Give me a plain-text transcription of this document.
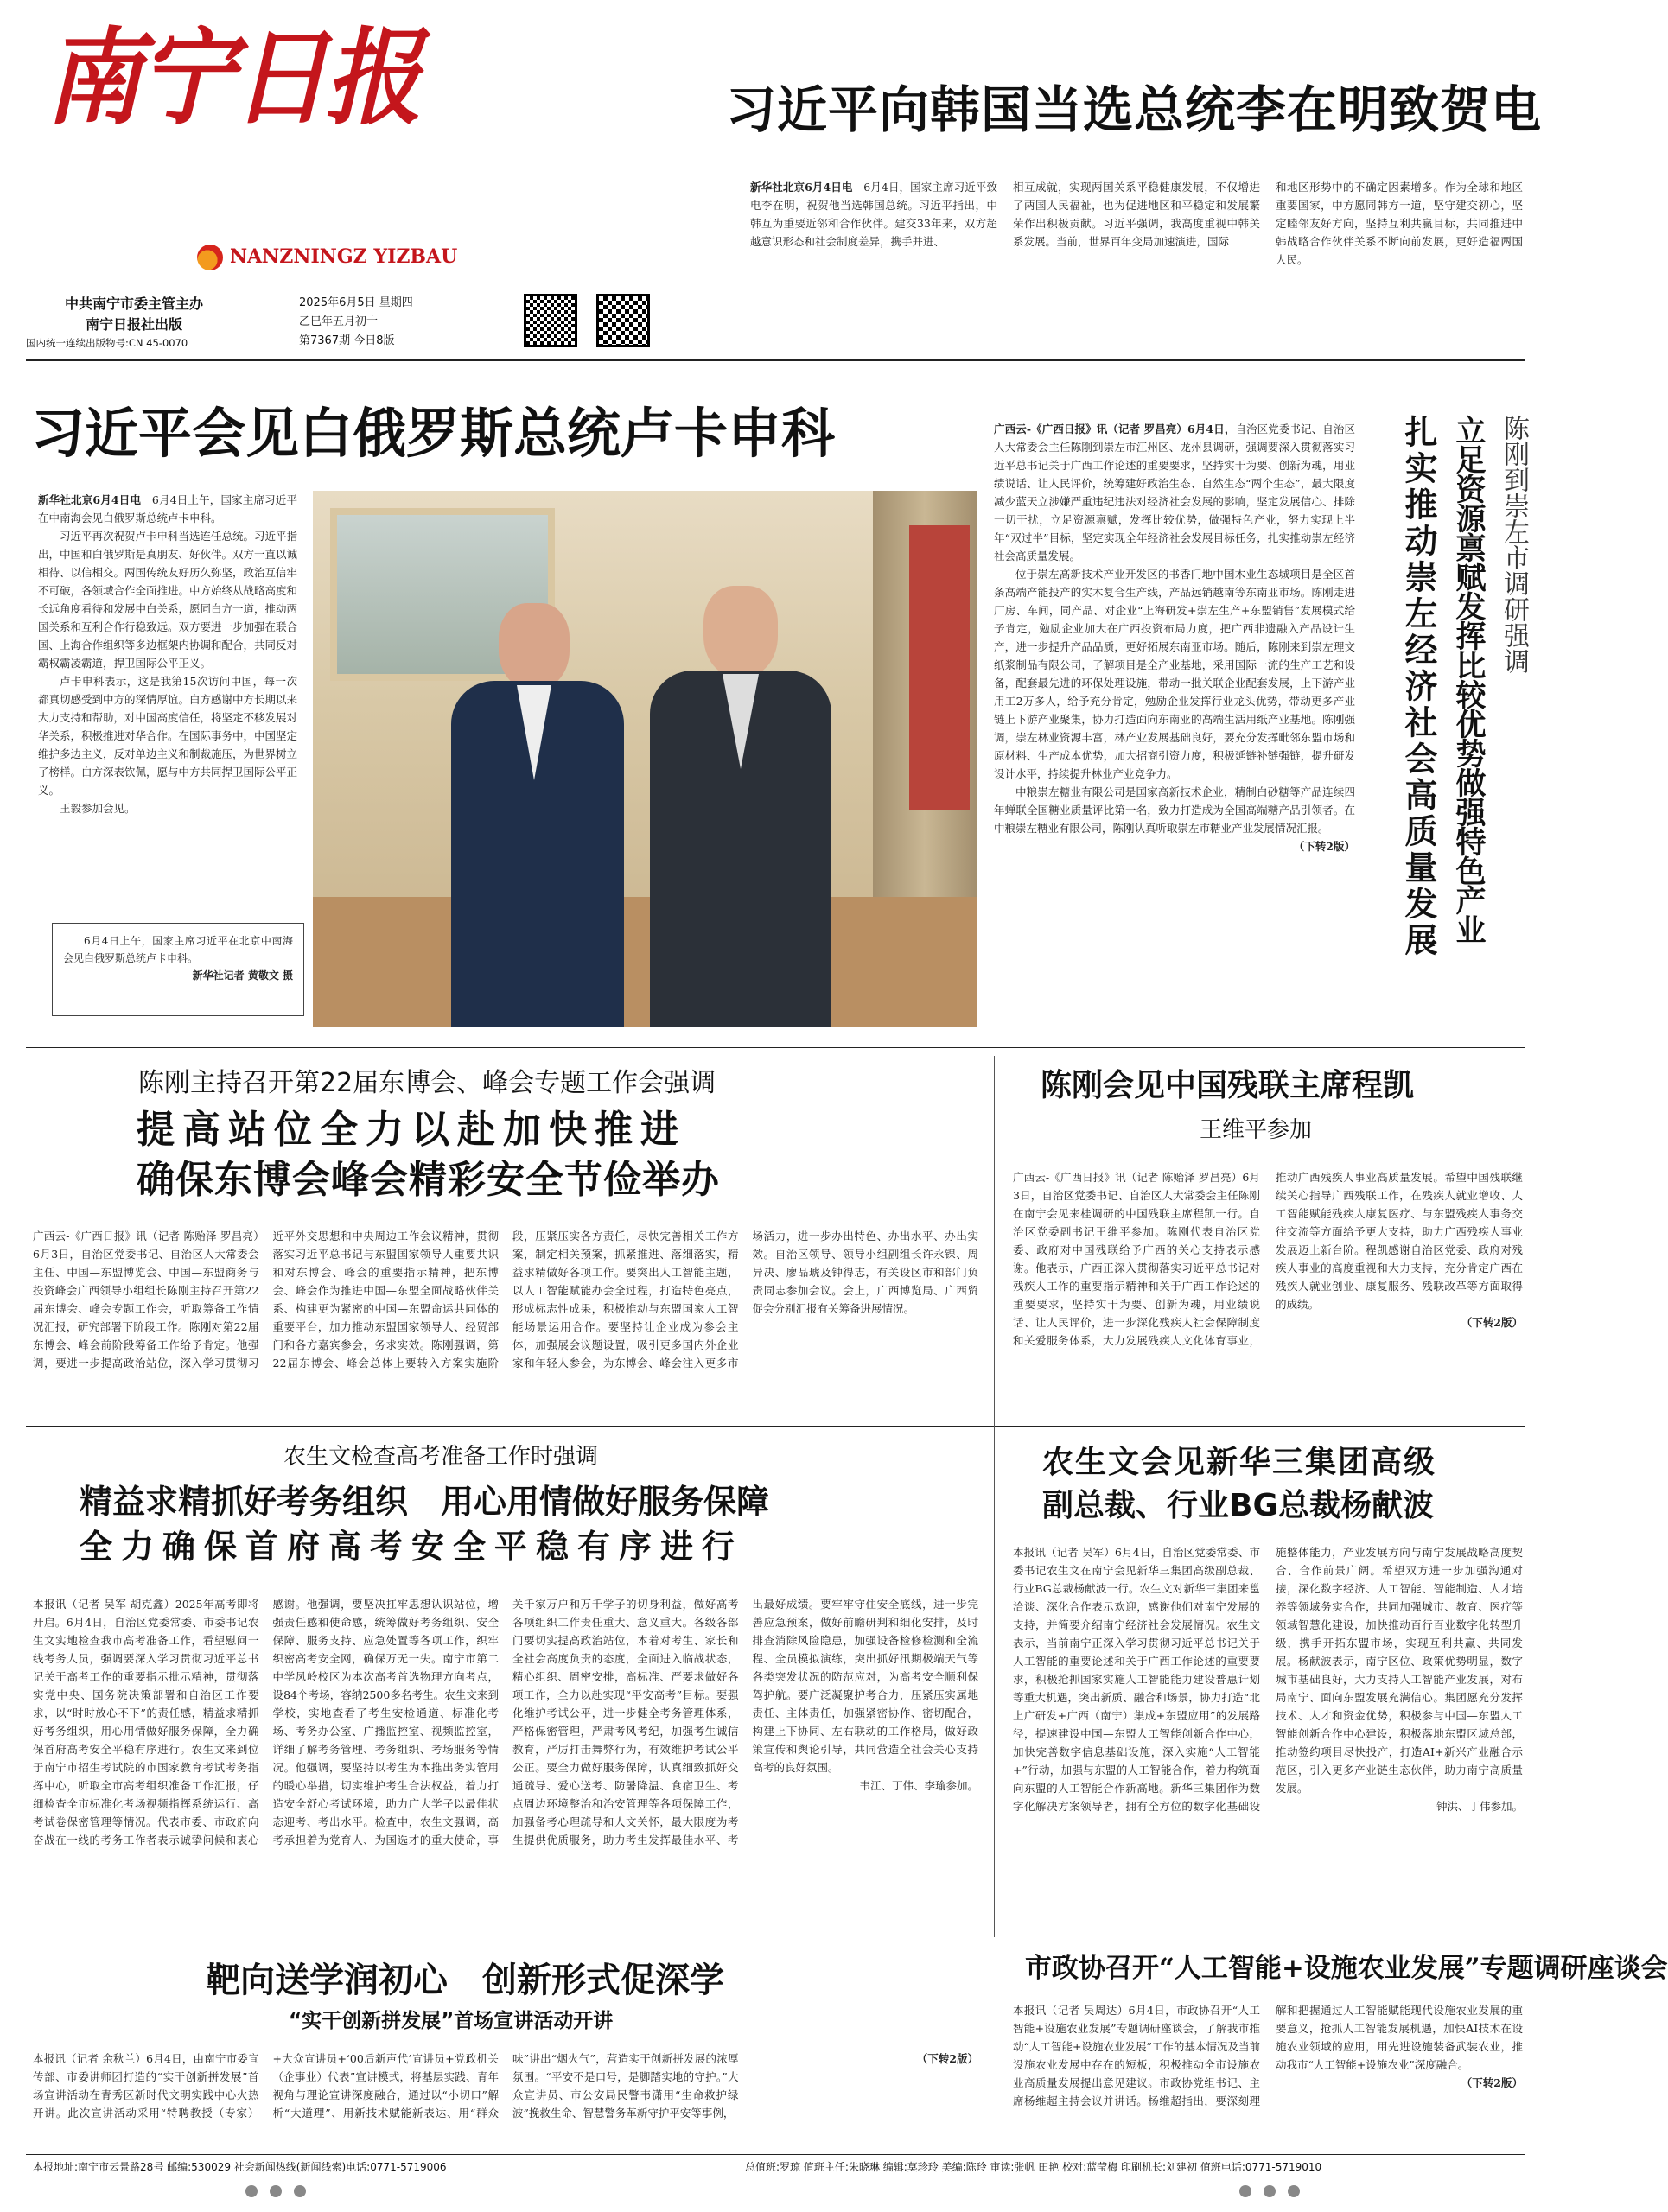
南宁日报
NANZNINGZ YIZBAU
中共南宁市委主管主办
南宁日报社出版
国内统一连续出版物号:CN 45-0070
2025年6月5日 星期四
乙巳年五月初十
第7367期 今日8版
习近平向韩国当选总统李在明致贺电

新华社北京6月4日电　 6月4日，国家主席习近平致电李在明，祝贺他当选韩国总统。习近平指出，中韩互为重要近邻和合作伙伴。建交33年来，双方超越意识形态和社会制度差异，携手并进、

相互成就，实现两国关系平稳健康发展，不仅增进了两国人民福祉，也为促进地区和平稳定和发展繁荣作出积极贡献。习近平强调，我高度重视中韩关系发展。当前，世界百年变局加速演进，国际

和地区形势中的不确定因素增多。作为全球和地区重要国家，中方愿同韩方一道，坚守建交初心，坚定睦邻友好方向，坚持互利共赢目标，共同推进中韩战略合作伙伴关系不断向前发展，更好造福两国人民。

习近平会见白俄罗斯总统卢卡申科

新华社北京6月4日电　 6月4日上午，国家主席习近平在中南海会见白俄罗斯总统卢卡申科。

习近平再次祝贺卢卡申科当选连任总统。习近平指出，中国和白俄罗斯是真朋友、好伙伴。双方一直以诚相待、以信相交。两国传统友好历久弥坚，政治互信牢不可破，各领域合作全面推进。中方始终从战略高度和长远角度看待和发展中白关系，愿同白方一道，推动两国关系和互利合作行稳致远。双方要进一步加强在联合国、上海合作组织等多边框架内协调和配合，共同反对霸权霸凌霸道，捍卫国际公平正义。

卢卡申科表示，这是我第15次访问中国，每一次都真切感受到中方的深情厚谊。白方感谢中方长期以来大力支持和帮助，对中国高度信任，将坚定不移发展对华关系，积极推进对华合作。在国际事务中，中国坚定维护多边主义，反对单边主义和制裁施压，为世界树立了榜样。白方深表钦佩，愿与中方共同捍卫国际公平正义。

王毅参加会见。

6月4日上午，国家主席习近平在北京中南海会见白俄罗斯总统卢卡申科。

新华社记者 黄敬文 摄

广西云-《广西日报》讯（记者 罗昌亮）6月4日，自治区党委书记、自治区人大常委会主任陈刚到崇左市江州区、龙州县调研，强调要深入贯彻落实习近平总书记关于广西工作论述的重要要求，坚持实干为要、创新为魂，用业绩说话、让人民评价，统筹建好政治生态、自然生态“两个生态”，最大限度减少蓝天立涉嫌严重违纪违法对经济社会发展的影响，坚定发展信心、排除一切干扰，立足资源禀赋，发挥比较优势，做强特色产业，努力实现上半年“双过半”目标，坚定实现全年经济社会发展目标任务，扎实推动崇左经济社会高质量发展。

位于崇左高新技术产业开发区的书香门地中国木业生态城项目是全区首条高端产能投产的实木复合生产线，产品远销越南等东南亚市场。陈刚走进厂房、车间，同产品、对企业“上海研发+崇左生产+东盟销售”发展模式给予肯定，勉励企业加大在广西投资布局力度，把广西非遗融入产品设计生产，进一步提升产品品质，更好拓展东南亚市场。随后，陈刚来到崇左理文纸浆制品有限公司，了解项目是全产业基地，采用国际一流的生产工艺和设备，配套最先进的环保处理设施，带动一批关联企业配套发展，上下游产业用工2万多人，给予充分肯定，勉励企业发挥行业龙头优势，带动更多产业链上下游产业聚集，协力打造面向东南亚的高端生活用纸产业基地。陈刚强调，崇左林业资源丰富，林产业发展基础良好，要充分发挥毗邻东盟市场和原材料、生产成本优势，加大招商引资力度，积极延链补链强链，提升研发设计水平，持续提升林业产业竞争力。

中粮崇左糖业有限公司是国家高新技术企业，精制白砂糖等产品连续四年蝉联全国糖业质量评比第一名，致力打造成为全国高端糖产品引领者。在中粮崇左糖业有限公司，陈刚认真听取崇左市糖业产业发展情况汇报。

（下转2版）

陈刚到崇左市调研强调
立足资源禀赋发挥比较优势做强特色产业
扎实推动崇左经济社会高质量发展
陈刚主持召开第22届东博会、峰会专题工作会强调
提高站位全力以赴加快推进
确保东博会峰会精彩安全节俭举办

广西云-《广西日报》讯（记者 陈贻泽 罗昌亮）6月3日，自治区党委书记、自治区人大常委会主任、中国—东盟博览会、中国—东盟商务与投资峰会广西领导小组组长陈刚主持召开第22届东博会、峰会专题工作会，听取筹备工作情况汇报，研究部署下阶段工作。陈刚对第22届东博会、峰会前阶段筹备工作给予肯定。他强调，要进一步提高政治站位，深入学习贯彻习近平外交思想和中央周边工作会议精神，贯彻落实习近平总书记与东盟国家领导人重要共识和对东博会、峰会的重要指示精神，把东博会、峰会作为推进中国—东盟全面战略伙伴关系、构建更为紧密的中国—东盟命运共同体的重要平台，加力推动东盟国家领导人、经贸部门和各方嘉宾参会，务求实效。陈刚强调，第22届东博会、峰会总体上要转入方案实施阶段，压紧压实各方责任，尽快完善相关工作方案，制定相关预案，抓紧推进、落细落实，精益求精做好各项工作。要突出人工智能主题，以人工智能赋能办会全过程，打造特色亮点，形成标志性成果，积极推动与东盟国家人工智能场景运用合作。要坚持让企业成为参会主体，加强展会议题设置，吸引更多国内外企业家和年轻人参会，为东博会、峰会注入更多市场活力，进一步办出特色、办出水平、办出实效。自治区领导、领导小组副组长许永锞、周异决、廖品琥及钟得志，有关设区市和部门负责同志参加会议。会上，广西博览局、广西贸促会分别汇报有关筹备进展情况。

陈刚会见中国残联主席程凯
王维平参加

广西云-《广西日报》讯（记者 陈贻泽 罗昌亮）6月3日，自治区党委书记、自治区人大常委会主任陈刚在南宁会见来桂调研的中国残联主席程凯一行。自治区党委副书记王维平参加。陈刚代表自治区党委、政府对中国残联给予广西的关心支持表示感谢。他表示，广西正深入贯彻落实习近平总书记对残疾人工作的重要指示精神和关于广西工作论述的重要要求，坚持实干为要、创新为魂，用业绩说话、让人民评价，进一步深化残疾人社会保障制度和关爱服务体系，大力发展残疾人文化体育事业，推动广西残疾人事业高质量发展。希望中国残联继续关心指导广西残联工作，在残疾人就业增收、人工智能赋能残疾人康复医疗、与东盟残疾人事务交往交流等方面给予更大支持，助力广西残疾人事业发展迈上新台阶。程凯感谢自治区党委、政府对残疾人事业的高度重视和大力支持，充分肯定广西在残疾人就业创业、康复服务、残联改革等方面取得的成绩。

（下转2版）

农生文检查高考准备工作时强调
精益求精抓好考务组织　用心用情做好服务保障
全力确保首府高考安全平稳有序进行

本报讯（记者 吴军 胡克鑫）2025年高考即将开启。6月4日，自治区党委常委、市委书记农生文实地检查我市高考准备工作，看望慰问一线考务人员，强调要深入学习贯彻习近平总书记关于高考工作的重要指示批示精神，贯彻落实党中央、国务院决策部署和自治区工作要求，以“时时放心不下”的责任感，精益求精抓好考务组织，用心用情做好服务保障，全力确保首府高考安全平稳有序进行。农生文来到位于南宁市招生考试院的市国家教育考试考务指挥中心，听取全市高考组织准备工作汇报，仔细检查全市标准化考场视频指挥系统运行、高考试卷保密管理等情况。代表市委、市政府向奋战在一线的考务工作者表示诚挚问候和衷心感谢。他强调，要坚决扛牢思想认识站位，增强责任感和使命感，统筹做好考务组织、安全保障、服务支持、应急处置等各项工作，织牢织密高考安全网，确保万无一失。南宁市第二中学凤岭校区为本次高考首选物理方向考点，设84个考场，容纳2500多名考生。农生文来到学校，实地查看了考生安检通道、标准化考场、考务办公室、广播监控室、视频监控室，详细了解考务管理、考务组织、考场服务等情况。他强调，要坚持以考生为本推出务实管用的暖心举措，切实维护考生合法权益，着力打造安全舒心考试环境，助力广大学子以最佳状态迎考、考出水平。检查中，农生文强调，高考承担着为党育人、为国选才的重大使命，事关千家万户和万千学子的切身利益，做好高考各项组织工作责任重大、意义重大。各级各部门要切实提高政治站位，本着对考生、家长和全社会高度负责的态度，全面进入临战状态，精心组织、周密安排，高标准、严要求做好各项工作，全力以赴实现“平安高考”目标。要强化维护考试公平，进一步健全考务管理体系，严格保密管理，严肃考风考纪，加强考生诚信教育，严厉打击舞弊行为，有效维护考试公平公正。要全力做好服务保障，认真细致抓好交通疏导、爱心送考、防暑降温、食宿卫生、考点周边环境整治和治安管理等各项保障工作，加强备考心理疏导和人文关怀，最大限度为考生提供优质服务，助力考生发挥最佳水平、考出最好成绩。要牢牢守住安全底线，进一步完善应急预案，做好前瞻研判和细化安排，及时排查消除风险隐患，加强设备检修检测和全流程、全员模拟演练，突出抓好汛期极端天气等各类突发状况的防范应对，为高考安全顺利保驾护航。要广泛凝聚护考合力，压紧压实属地责任、主体责任，加强紧密协作、密切配合，构建上下协同、左右联动的工作格局，做好政策宣传和舆论引导，共同营造全社会关心支持高考的良好氛围。

韦江、丁伟、李瑜参加。

农生文会见新华三集团高级
副总裁、行业BG总裁杨献波

本报讯（记者 吴军）6月4日，自治区党委常委、市委书记农生文在南宁会见新华三集团高级副总裁、行业BG总裁杨献波一行。农生文对新华三集团来邕洽谈、深化合作表示欢迎，感谢他们对南宁发展的支持，并简要介绍南宁经济社会发展情况。农生文表示，当前南宁正深入学习贯彻习近平总书记关于人工智能的重要论述和关于广西工作论述的重要要求，积极抢抓国家实施人工智能能力建设普惠计划等重大机遇，突出新质、融合和场景，协力打造“北上广研发+广西（南宁）集成+东盟应用”的发展路径，提速建设中国—东盟人工智能创新合作中心，加快完善数字信息基础设施，深入实施“人工智能+”行动，加强与东盟的人工智能合作，着力构筑面向东盟的人工智能合作新高地。新华三集团作为数字化解决方案领导者，拥有全方位的数字化基础设施整体能力，产业发展方向与南宁发展战略高度契合、合作前景广阔。希望双方进一步加强沟通对接，深化数字经济、人工智能、智能制造、人才培养等领域务实合作，共同加强城市、教育、医疗等领域智慧化建设，加快推动百行百业数字化转型升级，携手开拓东盟市场，实现互利共赢、共同发展。杨献波表示，南宁区位、政策优势明显，数字城市基础良好，大力支持人工智能产业发展，对布局南宁、面向东盟发展充满信心。集团愿充分发挥技术、人才和资金优势，积极参与中国—东盟人工智能创新合作中心建设，积极落地东盟区域总部，推动签约项目尽快投产，打造AI+新兴产业融合示范区，引入更多产业链生态伙伴，助力南宁高质量发展。

钟洪、丁伟参加。

靶向送学润初心　创新形式促深学
“实干创新拼发展”首场宣讲活动开讲

本报讯（记者 余秋兰）6月4日，由南宁市委宣传部、市委讲师团打造的“实干创新拼发展”首场宣讲活动在青秀区新时代文明实践中心火热开讲。此次宣讲活动采用“特聘教授（专家）+大众宣讲员+‘00后新声代’宣讲员+党政机关（企事业）代表”宣讲模式，将基层实践、青年视角与理论宣讲深度融合，通过以“小切口”解析“大道理”、用新技术赋能新表达、用“群众味”讲出“烟火气”，营造实干创新拼发展的浓厚氛围。“平安不是口号，是脚踏实地的守护。”大众宣讲员、市公安局民警韦潇用“生命救护绿波”挽救生命、智慧警务革新守护平安等事例，

（下转2版）

市政协召开“人工智能+设施农业发展”专题调研座谈会

本报讯（记者 吴周达）6月4日，市政协召开“人工智能+设施农业发展”专题调研座谈会，了解我市推动“人工智能+设施农业发展”工作的基本情况及当前设施农业发展中存在的短板，积极推动全市设施农业高质量发展提出意见建议。市政协党组书记、主席杨维超主持会议并讲话。杨维超指出，要深刻理解和把握通过人工智能赋能现代设施农业发展的重要意义，抢抓人工智能发展机遇，加快AI技术在设施农业领域的应用，用先进设施装备武装农业，推动我市“人工智能+设施农业”深度融合。

（下转2版）

本报地址:南宁市云景路28号 邮编:530029 社会新闻热线(新闻线索)电话:0771-5719006	总值班:罗琼 值班主任:朱晓琳 编辑:莫珍玲 美编:陈玲 审读:张帆 田艳 校对:蓝莹梅 印刷机长:刘建初 值班电话:0771-5719010
